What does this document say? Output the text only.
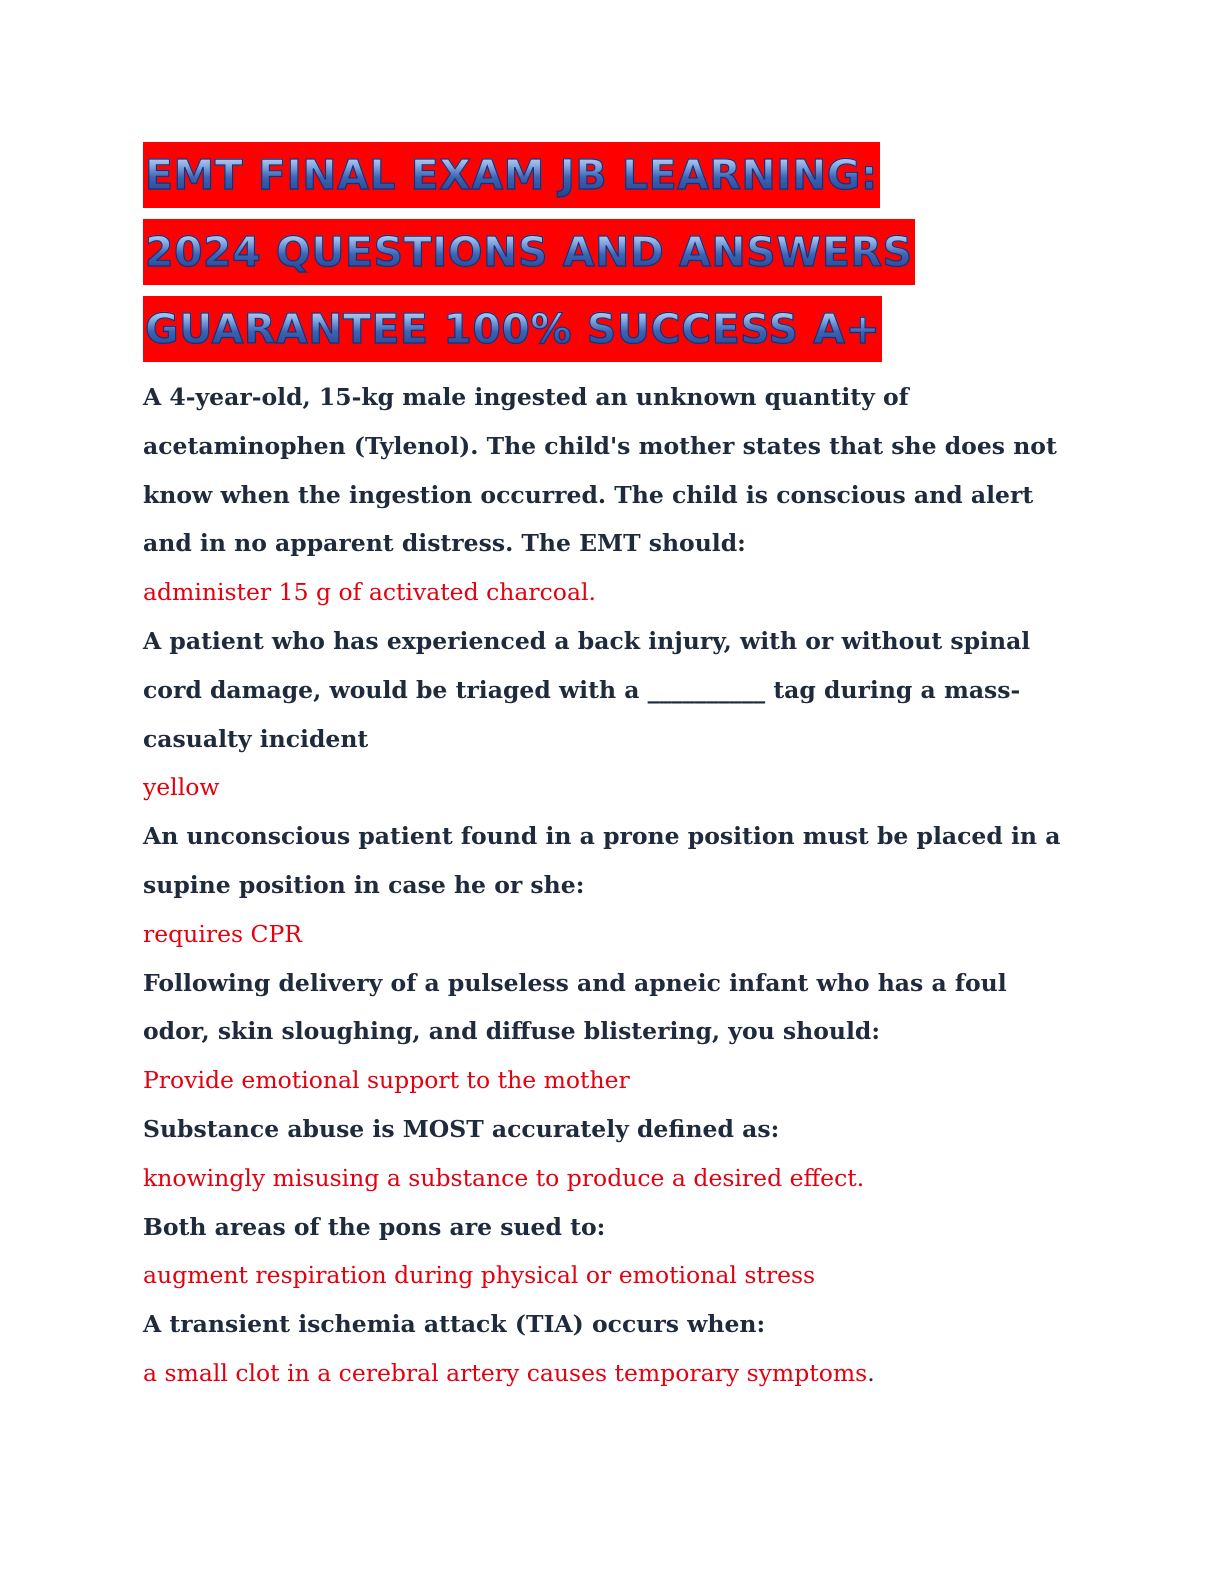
EMT FINAL EXAM JB LEARNING:
2024 QUESTIONS AND ANSWERS
GUARANTEE 100% SUCCESS A+

A 4-year-old, 15-kg male ingested an unknown quantity of acetaminophen (Tylenol). The child's mother states that she does not know when the ingestion occurred. The child is conscious and alert and in no apparent distress. The EMT should:

administer 15 g of activated charcoal.

A patient who has experienced a back injury, with or without spinal cord damage, would be triaged with a __________ tag during a mass-casualty incident

yellow

An unconscious patient found in a prone position must be placed in a supine position in case he or she:

requires CPR

Following delivery of a pulseless and apneic infant who has a foul odor, skin sloughing, and diffuse blistering, you should:

Provide emotional support to the mother

Substance abuse is MOST accurately defined as:

knowingly misusing a substance to produce a desired effect.

Both areas of the pons are sued to:

augment respiration during physical or emotional stress

A transient ischemia attack (TIA) occurs when:

a small clot in a cerebral artery causes temporary symptoms.
